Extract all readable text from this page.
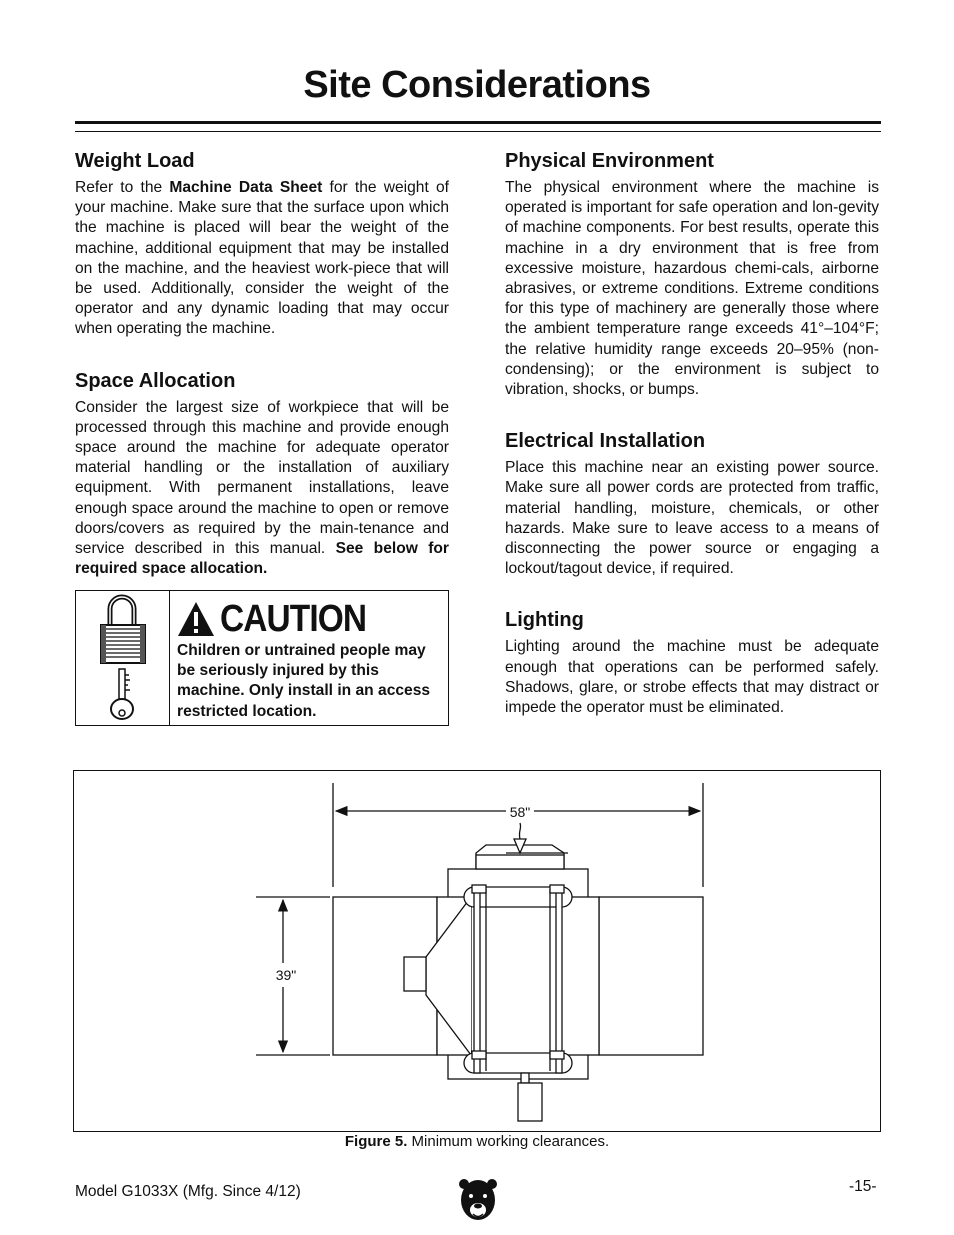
Site Considerations
Weight Load

Refer to the Machine Data Sheet for the weight of your machine. Make sure that the surface upon which the machine is placed will bear the weight of the machine, additional equipment that may be installed on the machine, and the heaviest work-piece that will be used. Additionally, consider the weight of the operator and any dynamic loading that may occur when operating the machine.

Space Allocation

Consider the largest size of workpiece that will be processed through this machine and provide enough space around the machine for adequate operator material handling or the installation of auxiliary equipment. With permanent installations, leave enough space around the machine to open or remove doors/covers as required by the main-tenance and service described in this manual. See below for required space allocation.

CAUTION
Children or untrained people may be seriously injured by this machine. Only install in an access restricted location.
Physical Environment

The physical environment where the machine is operated is important for safe operation and lon-gevity of machine components. For best results, operate this machine in a dry environment that is free from excessive moisture, hazardous chemi-cals, airborne abrasives, or extreme conditions. Extreme conditions for this type of machinery are generally those where the ambient temperature range exceeds 41°–104°F; the relative humidity range exceeds 20–95% (non-condensing); or the environment is subject to vibration, shocks, or bumps.

Electrical Installation

Place this machine near an existing power source. Make sure all power cords are protected from traffic, material handling, moisture, chemicals, or other hazards. Make sure to leave access to a means of disconnecting the power source or engaging a lockout/tagout device, if required.

Lighting

Lighting around the machine must be adequate enough that operations can be performed safely. Shadows, glare, or strobe effects that may distract or impede the operator must be eliminated.

58"
39"
Figure 5. Minimum working clearances.
Model G1033X (Mfg. Since 4/12)	-15-
